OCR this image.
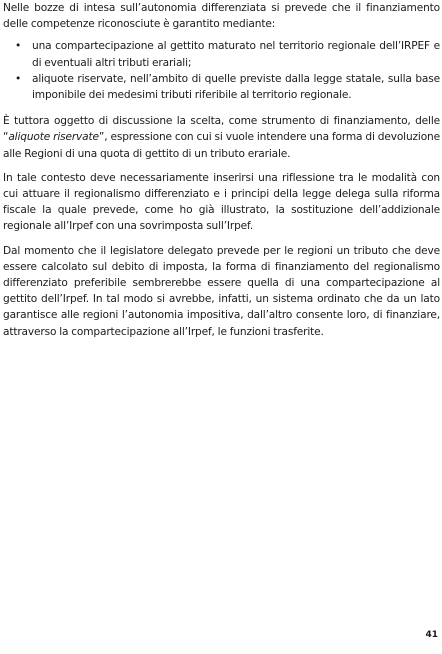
Nelle bozze di intesa sull’autonomia differenziata si prevede che il finanziamento delle competenze riconosciute è garantito mediante:

• una compartecipazione al gettito maturato nel territorio regionale dell’IRPEF e di eventuali altri tributi erariali;
• aliquote riservate, nell’ambito di quelle previste dalla legge statale, sulla base imponibile dei medesimi tributi riferibile al territorio regionale.

È tuttora oggetto di discussione la scelta, come strumento di finanziamento, delle “aliquote riservate”, espressione con cui si vuole intendere una forma di devoluzione alle Regioni di una quota di gettito di un tributo erariale.

In tale contesto deve necessariamente inserirsi una riflessione tra le modalità con cui attuare il regionalismo differenziato e i principi della legge delega sulla riforma fiscale la quale prevede, come ho già illustrato, la sostituzione dell’addizionale regionale all’Irpef con una sovrimposta sull’Irpef.

Dal momento che il legislatore delegato prevede per le regioni un tributo che deve essere calcolato sul debito di imposta, la forma di finanziamento del regionalismo differenziato preferibile sembrerebbe essere quella di una compartecipazione al gettito dell’Irpef. In tal modo si avrebbe, infatti, un sistema ordinato che da un lato garantisce alle regioni l’autonomia impositiva, dall’altro consente loro, di finanziare, attraverso la compartecipazione all’Irpef, le funzioni trasferite.

41
